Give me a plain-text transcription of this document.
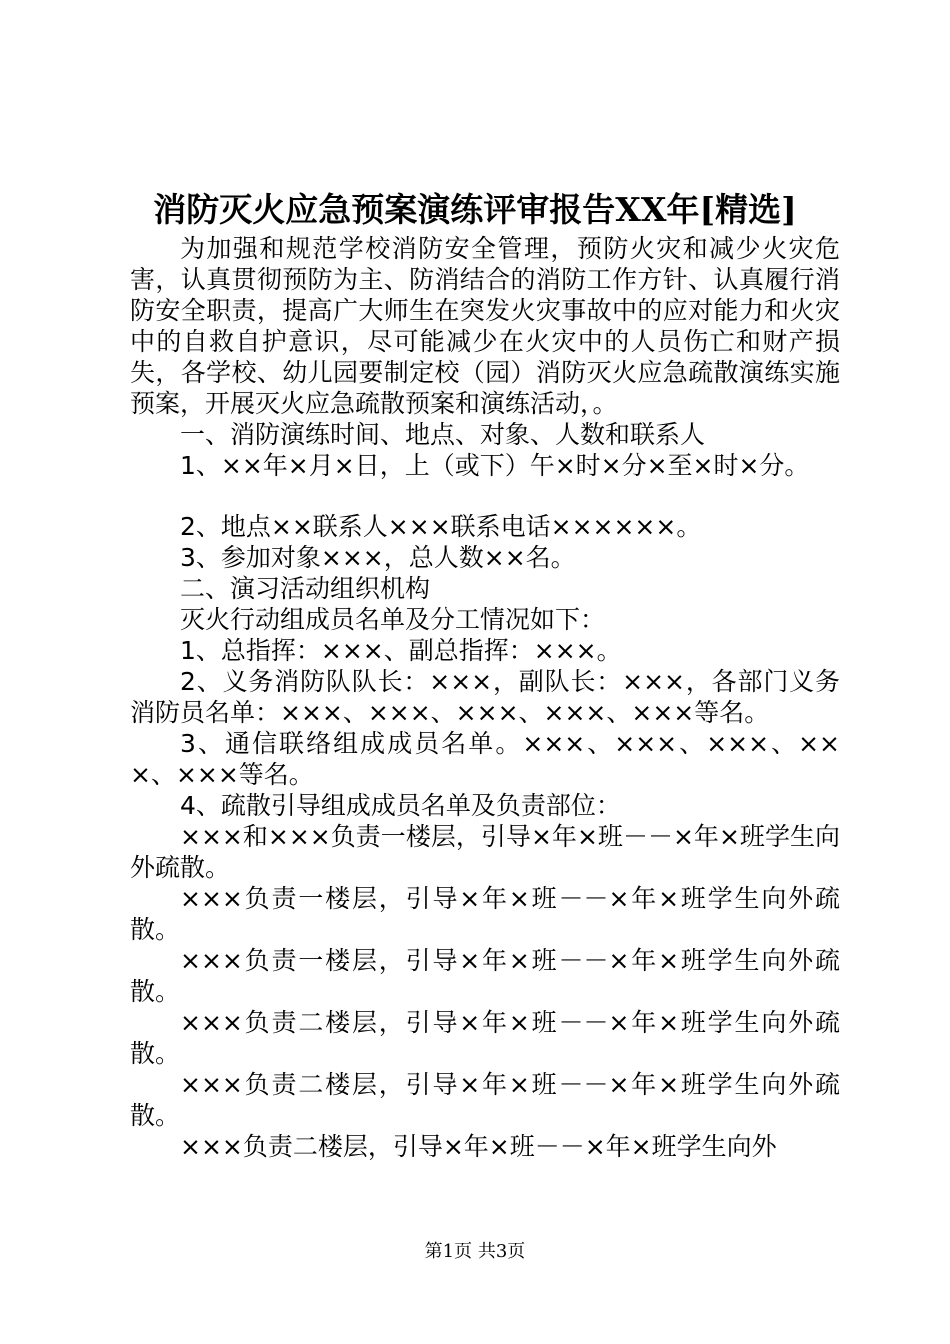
消防灭火应急预案演练评审报告XX年[精选]

为加强和规范学校消防安全管理，预防火灾和减少火灾危害，认真贯彻预防为主、防消结合的消防工作方针、认真履行消防安全职责，提高广大师生在突发火灾事故中的应对能力和火灾中的自救自护意识，尽可能减少在火灾中的人员伤亡和财产损失，各学校、幼儿园要制定校（园）消防灭火应急疏散演练实施预案，开展灭火应急疏散预案和演练活动，。

一、消防演练时间、地点、对象、人数和联系人

1、××年×月×日，上（或下）午×时×分×至×时×分。

2、地点××联系人×××联系电话××××××。

3、参加对象×××，总人数××名。

二、演习活动组织机构

灭火行动组成员名单及分工情况如下：

1、总指挥：×××、副总指挥：×××。

2、义务消防队队长：×××，副队长：×××，各部门义务消防员名单：×××、×××、×××、×××、×××等名。

3、通信联络组成成员名单。×××、×××、×××、×××、×××等名。

4、疏散引导组成成员名单及负责部位：

×××和×××负责一楼层，引导×年×班－－×年×班学生向外疏散。

×××负责一楼层，引导×年×班－－×年×班学生向外疏散。

×××负责一楼层，引导×年×班－－×年×班学生向外疏散。

×××负责二楼层，引导×年×班－－×年×班学生向外疏散。

×××负责二楼层，引导×年×班－－×年×班学生向外疏散。

×××负责二楼层，引导×年×班－－×年×班学生向外

第1页 共3页
